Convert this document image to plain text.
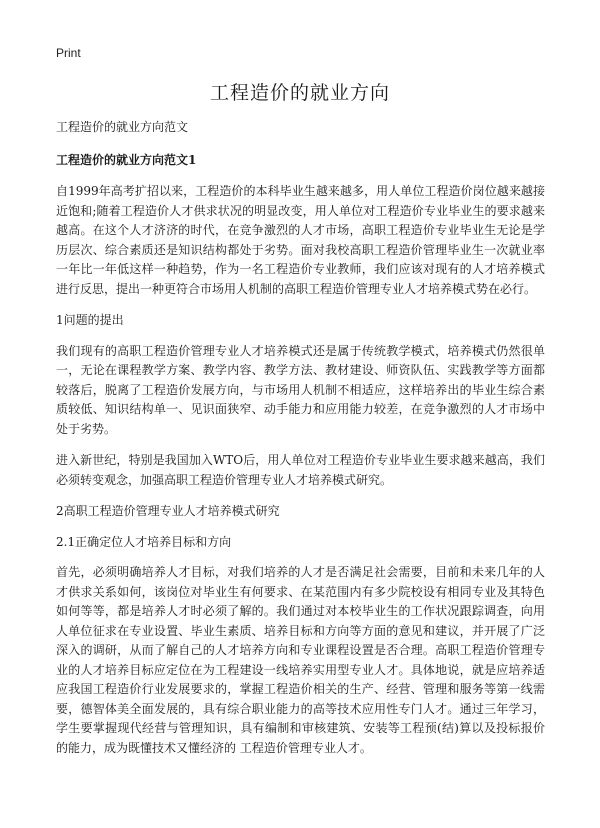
Print
工程造价的就业方向

工程造价的就业方向范文

工程造价的就业方向范文1

自1999年高考扩招以来，工程造价的本科毕业生越来越多，用人单位工程造价岗位越来越接近饱和;随着工程造价人才供求状况的明显改变，用人单位对工程造价专业毕业生的要求越来越高。在这个人才济济的时代，在竞争激烈的人才市场，高职工程造价专业毕业生无论是学历层次、综合素质还是知识结构都处于劣势。面对我校高职工程造价管理毕业生一次就业率一年比一年低这样一种趋势，作为一名工程造价专业教师，我们应该对现有的人才培养模式进行反思，提出一种更符合市场用人机制的高职工程造价管理专业人才培养模式势在必行。

1问题的提出

我们现有的高职工程造价管理专业人才培养模式还是属于传统教学模式，培养模式仍然很单一，无论在课程教学方案、教学内容、教学方法、教材建设、师资队伍、实践教学等方面都较落后，脱离了工程造价发展方向，与市场用人机制不相适应，这样培养出的毕业生综合素质较低、知识结构单一、见识面狭窄、动手能力和应用能力较差，在竞争激烈的人才市场中处于劣势。

进入新世纪，特别是我国加入WTO后，用人单位对工程造价专业毕业生要求越来越高，我们必须转变观念，加强高职工程造价管理专业人才培养模式研究。

2高职工程造价管理专业人才培养模式研究

2.1正确定位人才培养目标和方向

首先，必须明确培养人才目标，对我们培养的人才是否满足社会需要，目前和未来几年的人才供求关系如何，该岗位对毕业生有何要求、在某范围内有多少院校设有相同专业及其特色如何等等，都是培养人才时必须了解的。我们通过对本校毕业生的工作状况跟踪调查，向用人单位征求在专业设置、毕业生素质、培养目标和方向等方面的意见和建议，并开展了广泛深入的调研，从而了解自己的人才培养方向和专业课程设置是否合理。高职工程造价管理专业的人才培养目标应定位在为工程建设一线培养实用型专业人才。具体地说，就是应培养适应我国工程造价行业发展要求的，掌握工程造价相关的生产、经营、管理和服务等第一线需要，德智体美全面发展的，具有综合职业能力的高等技术应用性专门人才。通过三年学习，学生要掌握现代经营与管理知识，具有编制和审核建筑、安装等工程预(结)算以及投标报价的能力，成为既懂技术又懂经济的 工程造价管理专业人才。
